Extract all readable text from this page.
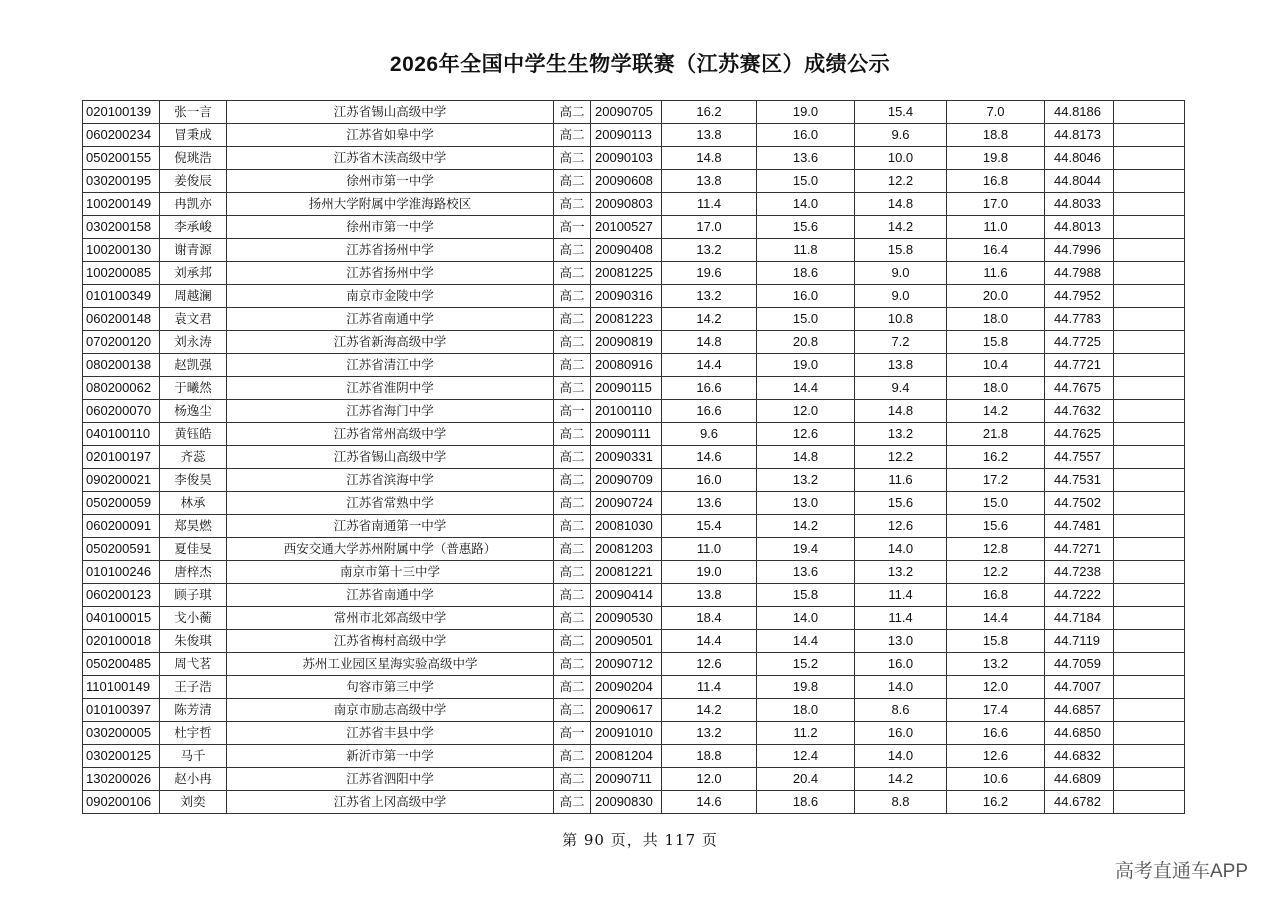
2026年全国中学生生物学联赛（江苏赛区）成绩公示
020100139	张一言	江苏省锡山高级中学	高二	20090705	16.2	19.0	15.4	7.0	44.8186	
060200234	冒秉成	江苏省如皋中学	高二	20090113	13.8	16.0	9.6	18.8	44.8173	
050200155	倪珧浩	江苏省木渎高级中学	高二	20090103	14.8	13.6	10.0	19.8	44.8046	
030200195	姜俊辰	徐州市第一中学	高二	20090608	13.8	15.0	12.2	16.8	44.8044	
100200149	冉凯亦	扬州大学附属中学淮海路校区	高二	20090803	11.4	14.0	14.8	17.0	44.8033	
030200158	李承峻	徐州市第一中学	高一	20100527	17.0	15.6	14.2	11.0	44.8013	
100200130	谢青源	江苏省扬州中学	高二	20090408	13.2	11.8	15.8	16.4	44.7996	
100200085	刘承邦	江苏省扬州中学	高二	20081225	19.6	18.6	9.0	11.6	44.7988	
010100349	周越澜	南京市金陵中学	高二	20090316	13.2	16.0	9.0	20.0	44.7952	
060200148	袁文君	江苏省南通中学	高二	20081223	14.2	15.0	10.8	18.0	44.7783	
070200120	刘永涛	江苏省新海高级中学	高二	20090819	14.8	20.8	7.2	15.8	44.7725	
080200138	赵凯强	江苏省清江中学	高二	20080916	14.4	19.0	13.8	10.4	44.7721	
080200062	于曦然	江苏省淮阴中学	高二	20090115	16.6	14.4	9.4	18.0	44.7675	
060200070	杨逸尘	江苏省海门中学	高一	20100110	16.6	12.0	14.8	14.2	44.7632	
040100110	黄钰皓	江苏省常州高级中学	高二	20090111	9.6	12.6	13.2	21.8	44.7625	
020100197	齐蕊	江苏省锡山高级中学	高二	20090331	14.6	14.8	12.2	16.2	44.7557	
090200021	李俊昊	江苏省滨海中学	高二	20090709	16.0	13.2	11.6	17.2	44.7531	
050200059	林承	江苏省常熟中学	高二	20090724	13.6	13.0	15.6	15.0	44.7502	
060200091	郑昊燃	江苏省南通第一中学	高二	20081030	15.4	14.2	12.6	15.6	44.7481	
050200591	夏佳旻	西安交通大学苏州附属中学（普惠路）	高二	20081203	11.0	19.4	14.0	12.8	44.7271	
010100246	唐梓杰	南京市第十三中学	高二	20081221	19.0	13.6	13.2	12.2	44.7238	
060200123	顾子琪	江苏省南通中学	高二	20090414	13.8	15.8	11.4	16.8	44.7222	
040100015	戈小蘅	常州市北郊高级中学	高二	20090530	18.4	14.0	11.4	14.4	44.7184	
020100018	朱俊琪	江苏省梅村高级中学	高二	20090501	14.4	14.4	13.0	15.8	44.7119	
050200485	周弋茗	苏州工业园区星海实验高级中学	高二	20090712	12.6	15.2	16.0	13.2	44.7059	
110100149	王子浩	句容市第三中学	高二	20090204	11.4	19.8	14.0	12.0	44.7007	
010100397	陈芳清	南京市励志高级中学	高二	20090617	14.2	18.0	8.6	17.4	44.6857	
030200005	杜宇哲	江苏省丰县中学	高一	20091010	13.2	11.2	16.0	16.6	44.6850	
030200125	马千	新沂市第一中学	高二	20081204	18.8	12.4	14.0	12.6	44.6832	
130200026	赵小冉	江苏省泗阳中学	高二	20090711	12.0	20.4	14.2	10.6	44.6809	
090200106	刘奕	江苏省上冈高级中学	高二	20090830	14.6	18.6	8.8	16.2	44.6782	
第 90 页，共 117 页
高考直通车APP
